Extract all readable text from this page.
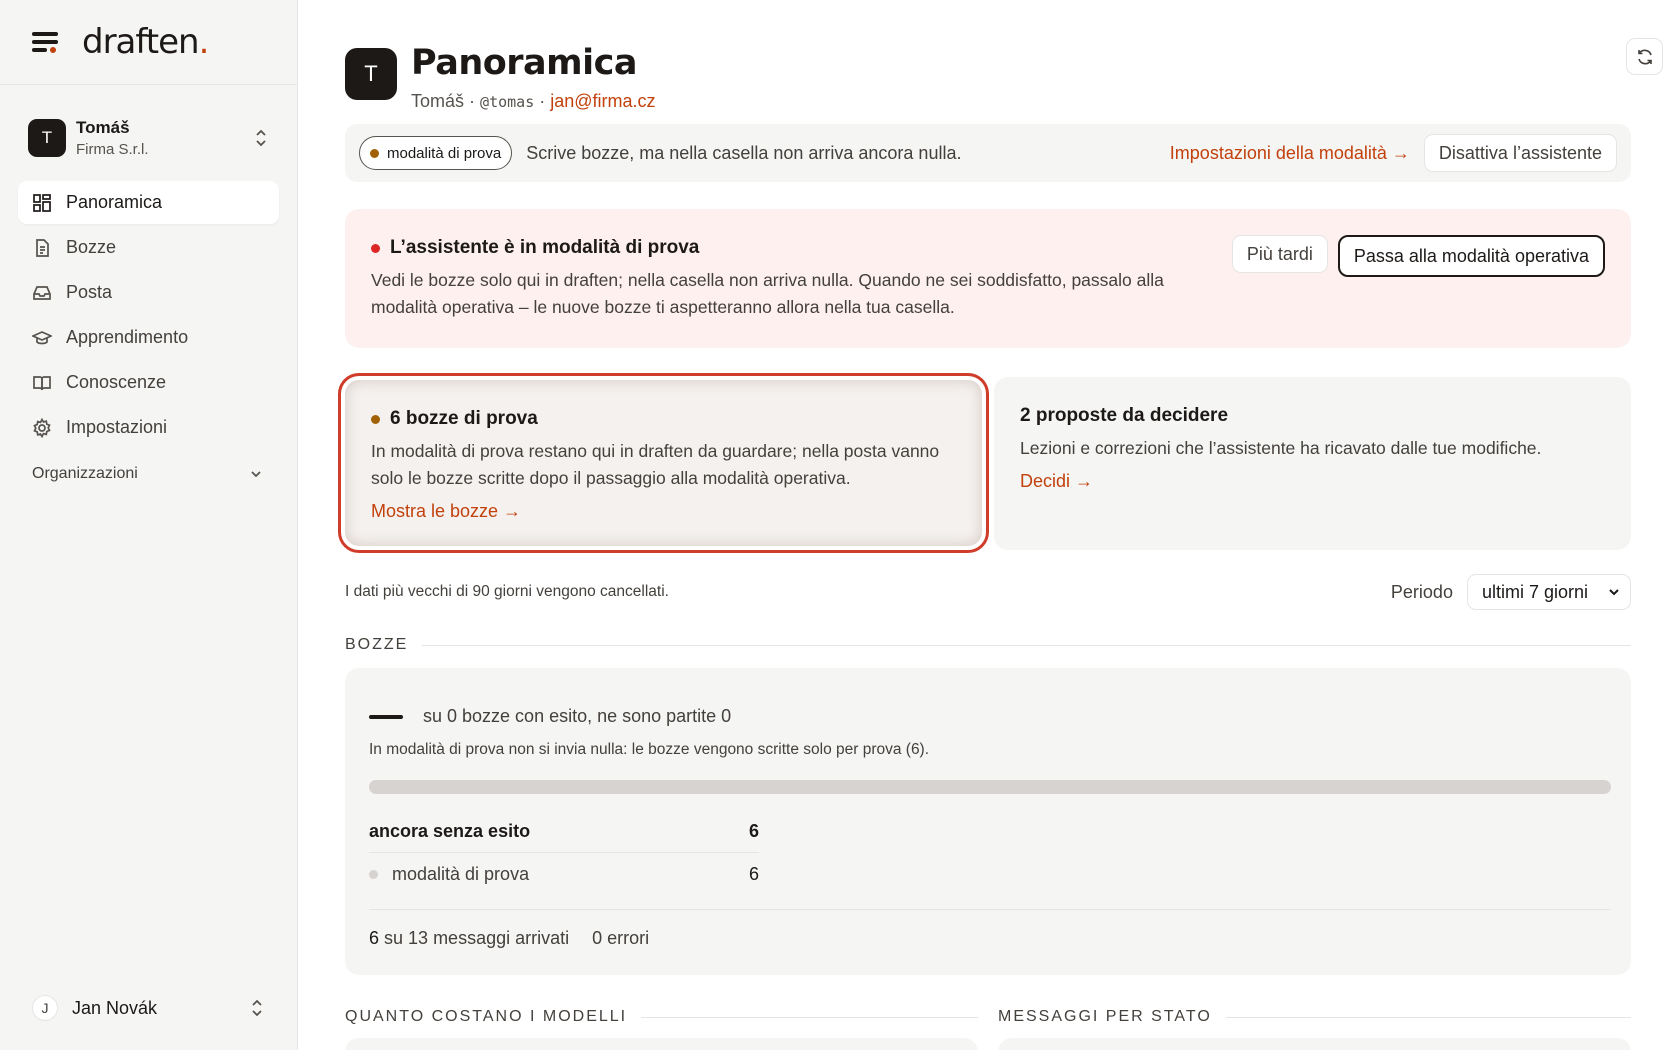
draften.
T
Tomáš
Firma S.r.l.
Panoramica
Bozze
Posta
Apprendimento
Conoscenze
Impostazioni
Organizzazioni
J	Jan Novák
T Panoramica
Tomáš · @tomas · jan@firma.cz
modalità di prova Scrive bozze, ma nella casella non arriva ancora nulla.	Impostazioni della modalità →	Disattiva l’assistente
L’assistente è in modalità di prova
Vedi le bozze solo qui in draften; nella casella non arriva nulla. Quando ne sei soddisfatto, passalo alla modalità operativa – le nuove bozze ti aspetteranno allora nella tua casella.
Più tardi	Passa alla modalità operativa
6 bozze di prova
In modalità di prova restano qui in draften da guardare; nella posta vanno solo le bozze scritte dopo il passaggio alla modalità operativa.
Mostra le bozze →
2 proposte da decidere
Lezioni e correzioni che l’assistente ha ricavato dalle tue modifiche.
Decidi →
I dati più vecchi di 90 giorni vengono cancellati.	Periodo ultimi 7 giorni
BOZZE
su 0 bozze con esito, ne sono partite 0
In modalità di prova non si invia nulla: le bozze vengono scritte solo per prova (6).
ancora senza esito	6
modalità di prova	6
6 su 13 messaggi arrivati 0 errori
QUANTO COSTANO I MODELLI	MESSAGGI PER STATO
